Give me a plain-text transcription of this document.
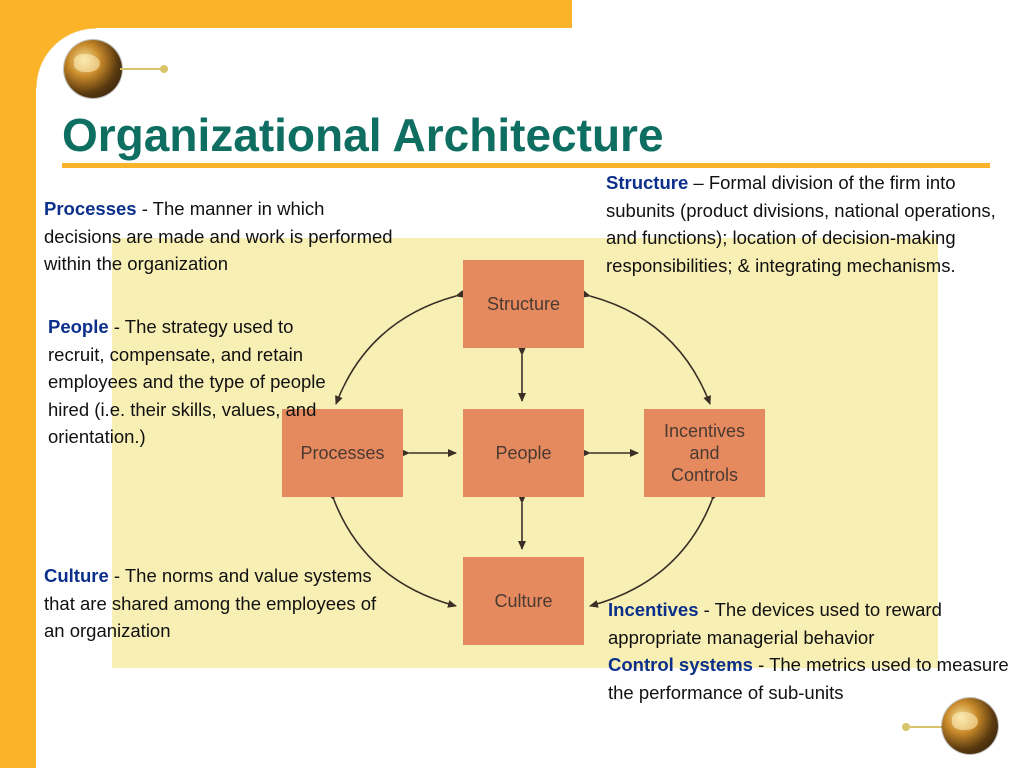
Organizational Architecture
Structure
Processes	People
Incentives
and
Controls
Culture

Processes - The manner in which decisions are made and work is performed within the organization

People - The strategy used to recruit, compensate, and retain employees and the type of people hired (i.e. their skills, values, and orientation.)

Structure – Formal division of the firm into subunits (product divisions, national operations, and functions); location of decision-making responsibilities; & integrating mechanisms.

Culture - The norms and value systems that are shared among the employees of an organization

Incentives - The devices used to reward appropriate managerial behavior

Control systems - The metrics used to measure the performance of sub-units
